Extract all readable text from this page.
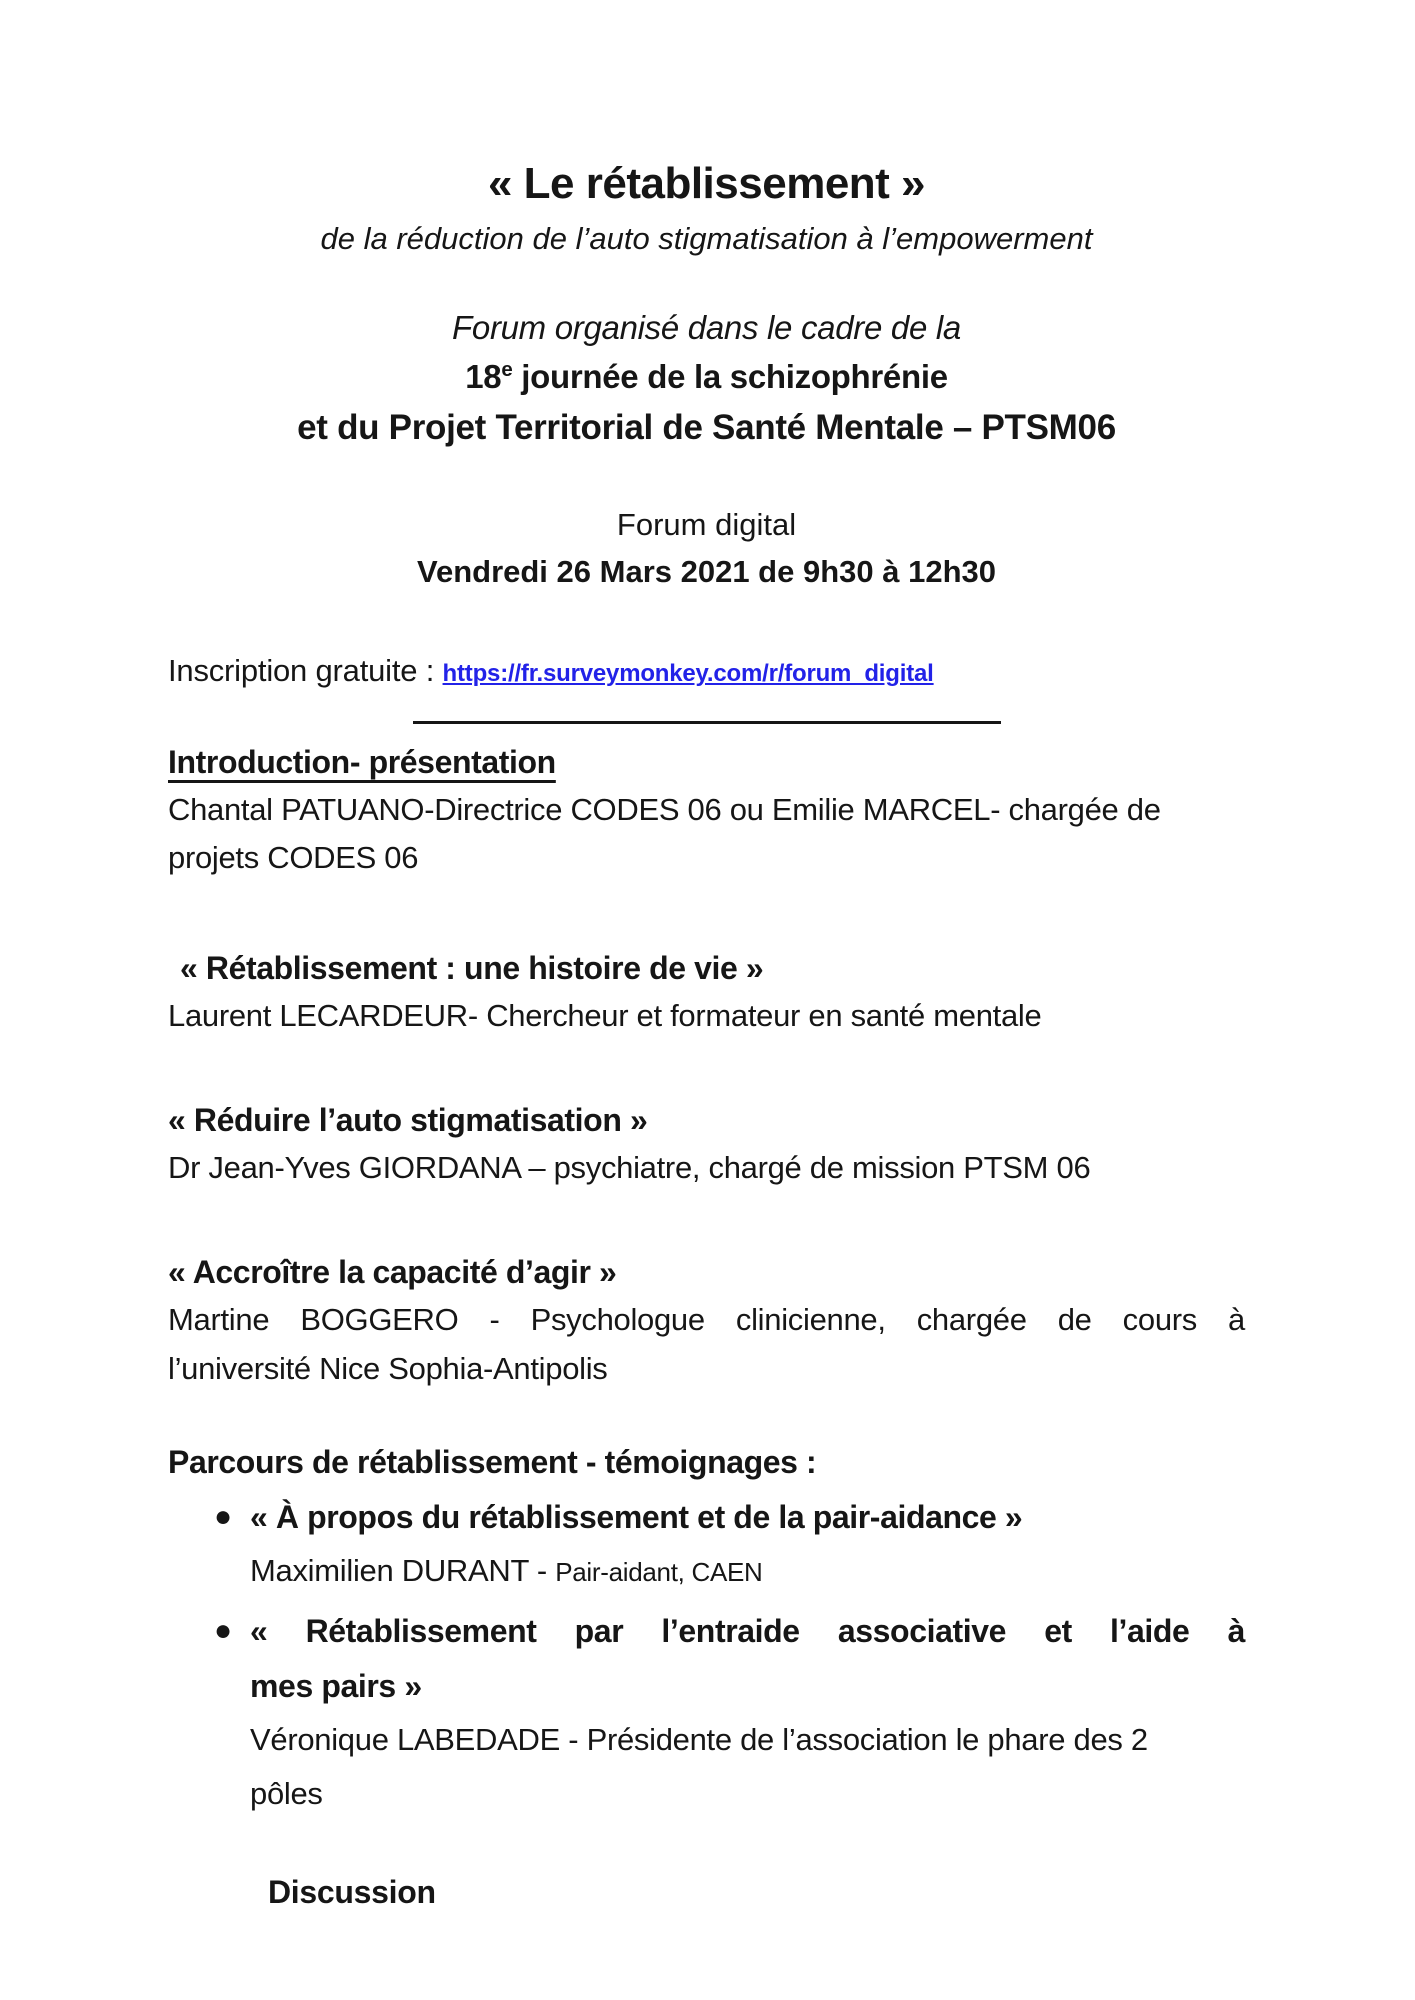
« Le rétablissement »
de la réduction de l’auto stigmatisation à l’empowerment
Forum organisé dans le cadre de la
18e journée de la schizophrénie
et du Projet Territorial de Santé Mentale – PTSM06
Forum digital
Vendredi 26 Mars 2021 de 9h30 à 12h30
Inscription gratuite : https://fr.surveymonkey.com/r/forum_digital
Introduction- présentation
Chantal PATUANO-Directrice CODES 06 ou Emilie MARCEL- chargée de
projets CODES 06
« Rétablissement : une histoire de vie »
Laurent LECARDEUR- Chercheur et formateur en santé mentale
« Réduire l’auto stigmatisation »
Dr Jean-Yves GIORDANA – psychiatre, chargé de mission PTSM 06
« Accroître la capacité d’agir »
Martine BOGGERO - Psychologue clinicienne, chargée de cours à
l’université Nice Sophia-Antipolis
Parcours de rétablissement - témoignages :
● « À propos du rétablissement et de la pair-aidance »
Maximilien DURANT - Pair-aidant, CAEN
● « Rétablissement par l’entraide associative et l’aide à
mes pairs »
Véronique LABEDADE - Présidente de l’association le phare des 2
pôles
Discussion
